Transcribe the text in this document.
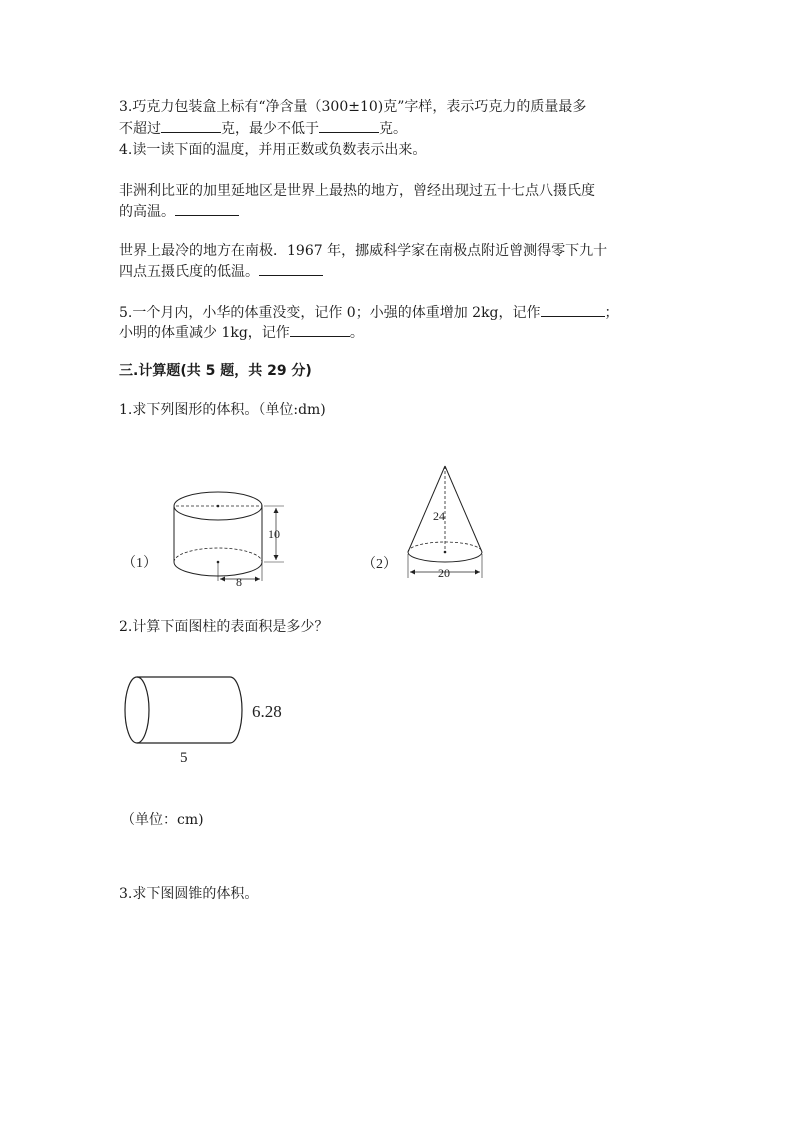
3.巧克力包装盒上标有“净含量（300±10)克”字样，表示巧克力的质量最多
不超过	克，最少不低于	克。
4.读一读下面的温度，并用正数或负数表示出来。
非洲利比亚的加里延地区是世界上最热的地方，曾经出现过五十七点八摄氏度
的高温。
世界上最冷的地方在南极．1967 年，挪威科学家在南极点附近曾测得零下九十
四点五摄氏度的低温。
5.一个月内，小华的体重没变，记作 0；小强的体重增加 2kg，记作	；
小明的体重减少 1kg，记作	。
三.计算题(共 5 题，共 29 分)
1.求下列图形的体积。（单位:dm)
（1）
8
10
（2）
24
20
2.计算下面图柱的表面积是多少？
6.28
5
（单位：cm)
3.求下图圆锥的体积。
